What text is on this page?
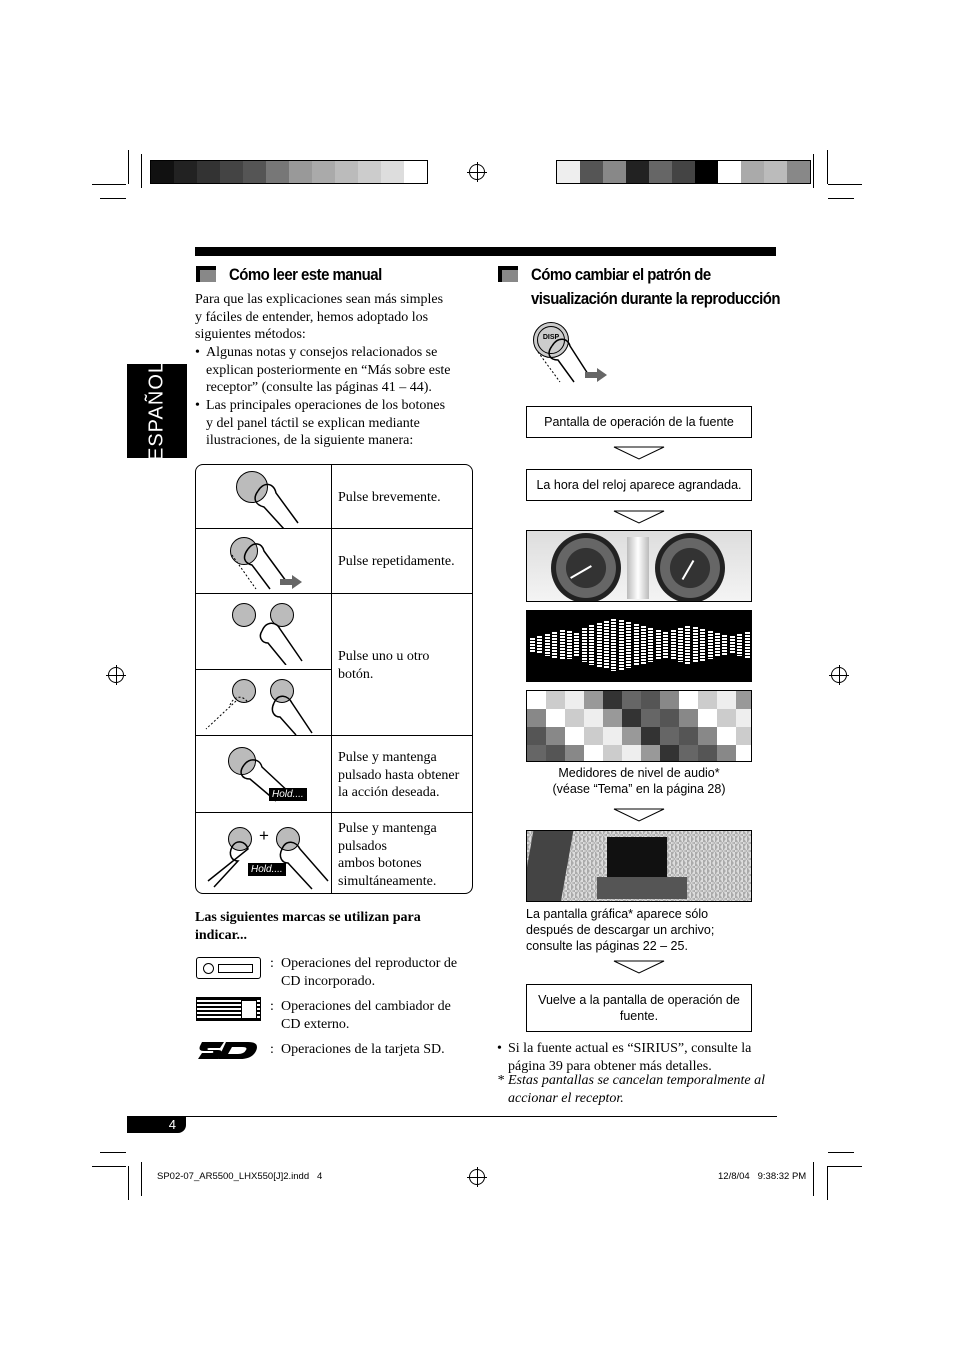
ESPAÑOL
Cómo leer este manual
Para que las explicaciones sean más simples
y fáciles de entender, hemos adoptado los
siguientes métodos:
• Algunas notas y consejos relacionados se
explican posteriormente en “Más sobre este
receptor” (consulte las páginas 41 – 44).
• Las principales operaciones de los botones
y del panel táctil se explican mediante
ilustraciones, de la siguiente manera:
Pulse brevemente.
Pulse repetidamente.
Pulse uno u otro
botón.
Hold....
Pulse y mantenga
pulsado hasta obtener
la acción deseada.
+
Hold....
Pulse y mantenga
pulsados
ambos botones
simultáneamente.
Las siguientes marcas se utilizan para
indicar...
: Operaciones del reproductor de
CD incorporado.
: Operaciones del cambiador de
CD externo.
: Operaciones de la tarjeta SD.
Cómo cambiar el patrón de
visualización durante la reproducción
DISP
Pantalla de operación de la fuente
La hora del reloj aparece agrandada.
Medidores de nivel de audio*
(véase “Tema” en la página 28)
La pantalla gráfica* aparece sólo
después de descargar un archivo;
consulte las páginas 22 – 25.
Vuelve a la pantalla de operación de
fuente.
• Si la fuente actual es “SIRIUS”, consulte la
página 39 para obtener más detalles.
* Estas pantallas se cancelan temporalmente al
accionar el receptor.
4
SP02-07_AR5500_LHX550[J]2.indd   4	12/8/04   9:38:32 PM
